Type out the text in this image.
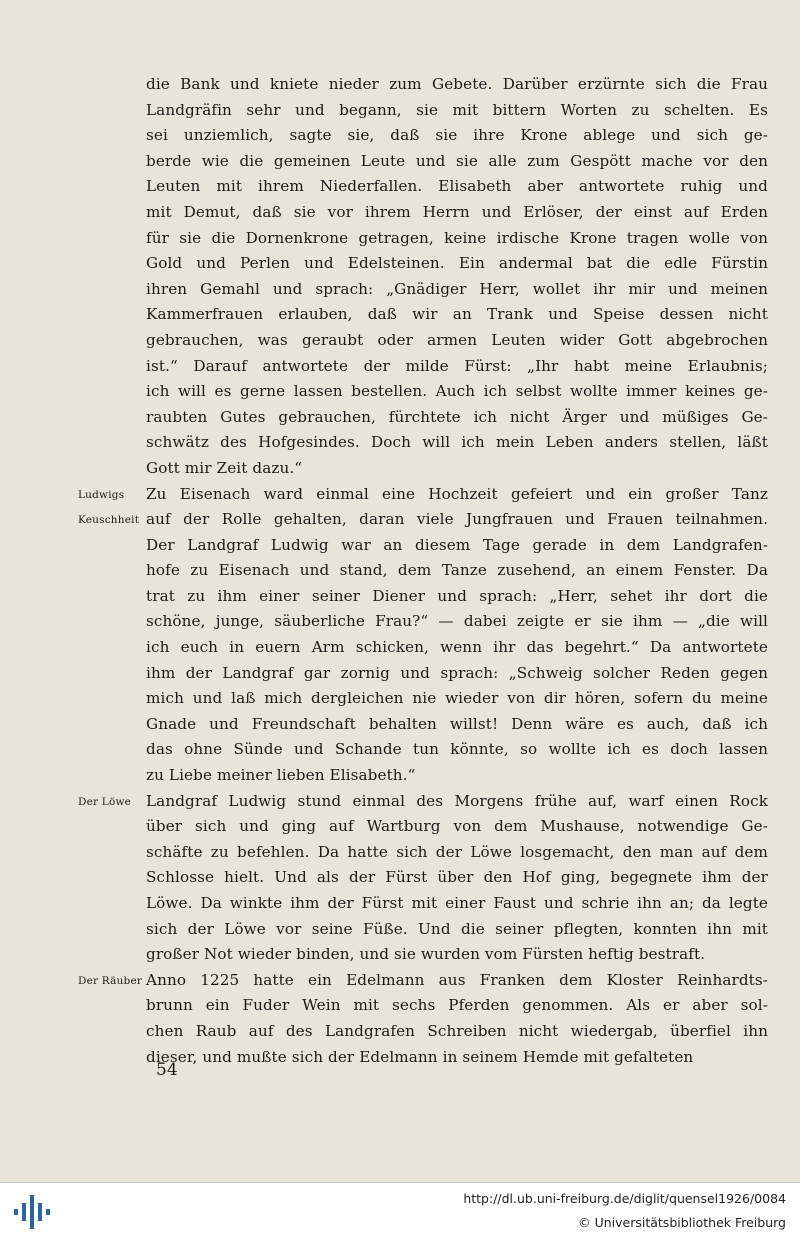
die Bank und kniete nieder zum Gebete. Darüber erzürnte sich die Frau
Landgräfin sehr und begann, sie mit bittern Worten zu schelten. Es
sei unziemlich, sagte sie, daß sie ihre Krone ablege und sich ge-
berde wie die gemeinen Leute und sie alle zum Gespött mache vor den
Leuten mit ihrem Niederfallen. Elisabeth aber antwortete ruhig und
mit Demut, daß sie vor ihrem Herrn und Erlöser, der einst auf Erden
für sie die Dornenkrone getragen, keine irdische Krone tragen wolle von
Gold und Perlen und Edelsteinen. Ein andermal bat die edle Fürstin
ihren Gemahl und sprach: „Gnädiger Herr, wollet ihr mir und meinen
Kammerfrauen erlauben, daß wir an Trank und Speise dessen nicht
gebrauchen, was geraubt oder armen Leuten wider Gott abgebrochen
ist.“ Darauf antwortete der milde Fürst: „Ihr habt meine Erlaubnis;
ich will es gerne lassen bestellen. Auch ich selbst wollte immer keines ge-
raubten Gutes gebrauchen, fürchtete ich nicht Ärger und müßiges Ge-
schwätz des Hofgesindes. Doch will ich mein Leben anders stellen, läßt
Gott mir Zeit dazu.“
Zu Eisenach ward einmal eine Hochzeit gefeiert und ein großer Tanz
auf der Rolle gehalten, daran viele Jungfrauen und Frauen teilnahmen.
Der Landgraf Ludwig war an diesem Tage gerade in dem Landgrafen-
hofe zu Eisenach und stand, dem Tanze zusehend, an einem Fenster. Da
trat zu ihm einer seiner Diener und sprach: „Herr, sehet ihr dort die
schöne, junge, säuberliche Frau?“ — dabei zeigte er sie ihm — „die will
ich euch in euern Arm schicken, wenn ihr das begehrt.“ Da antwortete
ihm der Landgraf gar zornig und sprach: „Schweig solcher Reden gegen
mich und laß mich dergleichen nie wieder von dir hören, sofern du meine
Gnade und Freundschaft behalten willst! Denn wäre es auch, daß ich
das ohne Sünde und Schande tun könnte, so wollte ich es doch lassen
zu Liebe meiner lieben Elisabeth.“
Landgraf Ludwig stund einmal des Morgens frühe auf, warf einen Rock
über sich und ging auf Wartburg von dem Mushause, notwendige Ge-
schäfte zu befehlen. Da hatte sich der Löwe losgemacht, den man auf dem
Schlosse hielt. Und als der Fürst über den Hof ging, begegnete ihm der
Löwe. Da winkte ihm der Fürst mit einer Faust und schrie ihn an; da legte
sich der Löwe vor seine Füße. Und die seiner pflegten, konnten ihn mit
großer Not wieder binden, und sie wurden vom Fürsten heftig bestraft.
Anno 1225 hatte ein Edelmann aus Franken dem Kloster Reinhardts-
brunn ein Fuder Wein mit sechs Pferden genommen. Als er aber sol-
chen Raub auf des Landgrafen Schreiben nicht wiedergab, überfiel ihn
dieser, und mußte sich der Edelmann in seinem Hemde mit gefalteten
Ludwigs
Keuschheit
Der Löwe
Der Räuber
54
http://dl.ub.uni-freiburg.de/diglit/quensel1926/0084
© Universitätsbibliothek Freiburg
